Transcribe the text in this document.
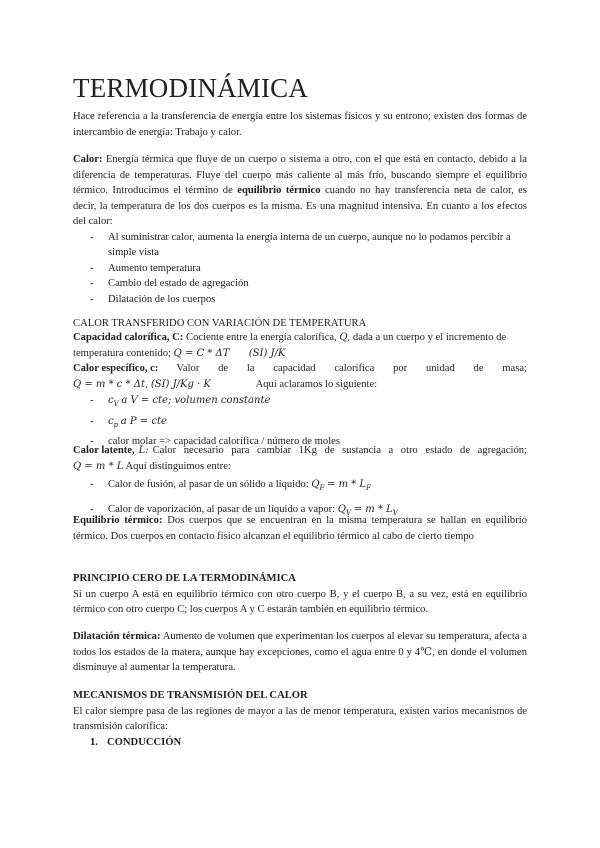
TERMODINÁMICA

Hace referencia a la transferencia de energía entre los sistemas físicos y su entrono; existen dos formas de intercambio de energía: Trabajo y calor.

Calor: Energía térmica que fluye de un cuerpo o sistema a otro, con el que está en contacto, debido a la diferencia de temperaturas. Fluye del cuerpo más caliente al más frío, buscando siempre el equilibrio térmico. Introducimos el término de equilibrio térmico cuando no hay transferencia neta de calor, es decir, la temperatura de los dos cuerpos es la misma. Es una magnitud intensiva. En cuanto a los efectos del calor:
- Al suministrar calor, aumenta la energía interna de un cuerpo, aunque no lo podamos percibir a simple vista
- Aumento temperatura
- Cambio del estado de agregación
- Dilatación de los cuerpos
CALOR TRANSFERIDO CON VARIACIÓN DE TEMPERATURA
Capacidad calorífica, C: Cociente entre la energía calorífica, Q, dada a un cuerpo y el incremento de temperatura contenido; Q = C * ΔT (SI) J/K
Calor específico, c: Valor de la capacidad calorífica por unidad de masa;
Q = m * c * Δt, (SI) J/Kg · K	Aquí aclaramos lo siguiente:
- $c_V$ a V = cte; volumen constante
- $c_p$ a P = cte
- calor molar => capacidad calorífica / número de moles
Calor latente, L: Calor necesario para cambiar 1Kg de sustancia a otro estado de agregación;
Q = m * L Aquí distinguimos entre:
- Calor de fusión, al pasar de un sólido a líquido: $Q_F = m * L_F$
- Calor de vaporización, al pasar de un líquido a vapor: $Q_V = m * L_V$
Equilibrio térmico: Dos cuerpos que se encuentran en la misma temperatura se hallan en equilibrio térmico. Dos cuerpos en contacto físico alcanzan el equilibrio térmico al cabo de cierto tiempo
PRINCIPIO CERO DE LA TERMODINÁMICA
Si un cuerpo A está en equilibrio térmico con otro cuerpo B, y el cuerpo B, a su vez, está en equilibrio térmico con otro cuerpo C; los cuerpos A y C estarán también en equilibrio térmico.
Dilatación térmica: Aumento de volumen que experimentan los cuerpos al elevar su temperatura, afecta a todos los estados de la matera, aunque hay excepciones, como el agua entre 0 y 4℃, en donde el volumen disminuye al aumentar la temperatura.
MECANISMOS DE TRANSMISIÓN DEL CALOR
El calor siempre pasa de las regiones de mayor a las de menor temperatura, existen varios mecanismos de transmisión calorífica:
1. CONDUCCIÓN
